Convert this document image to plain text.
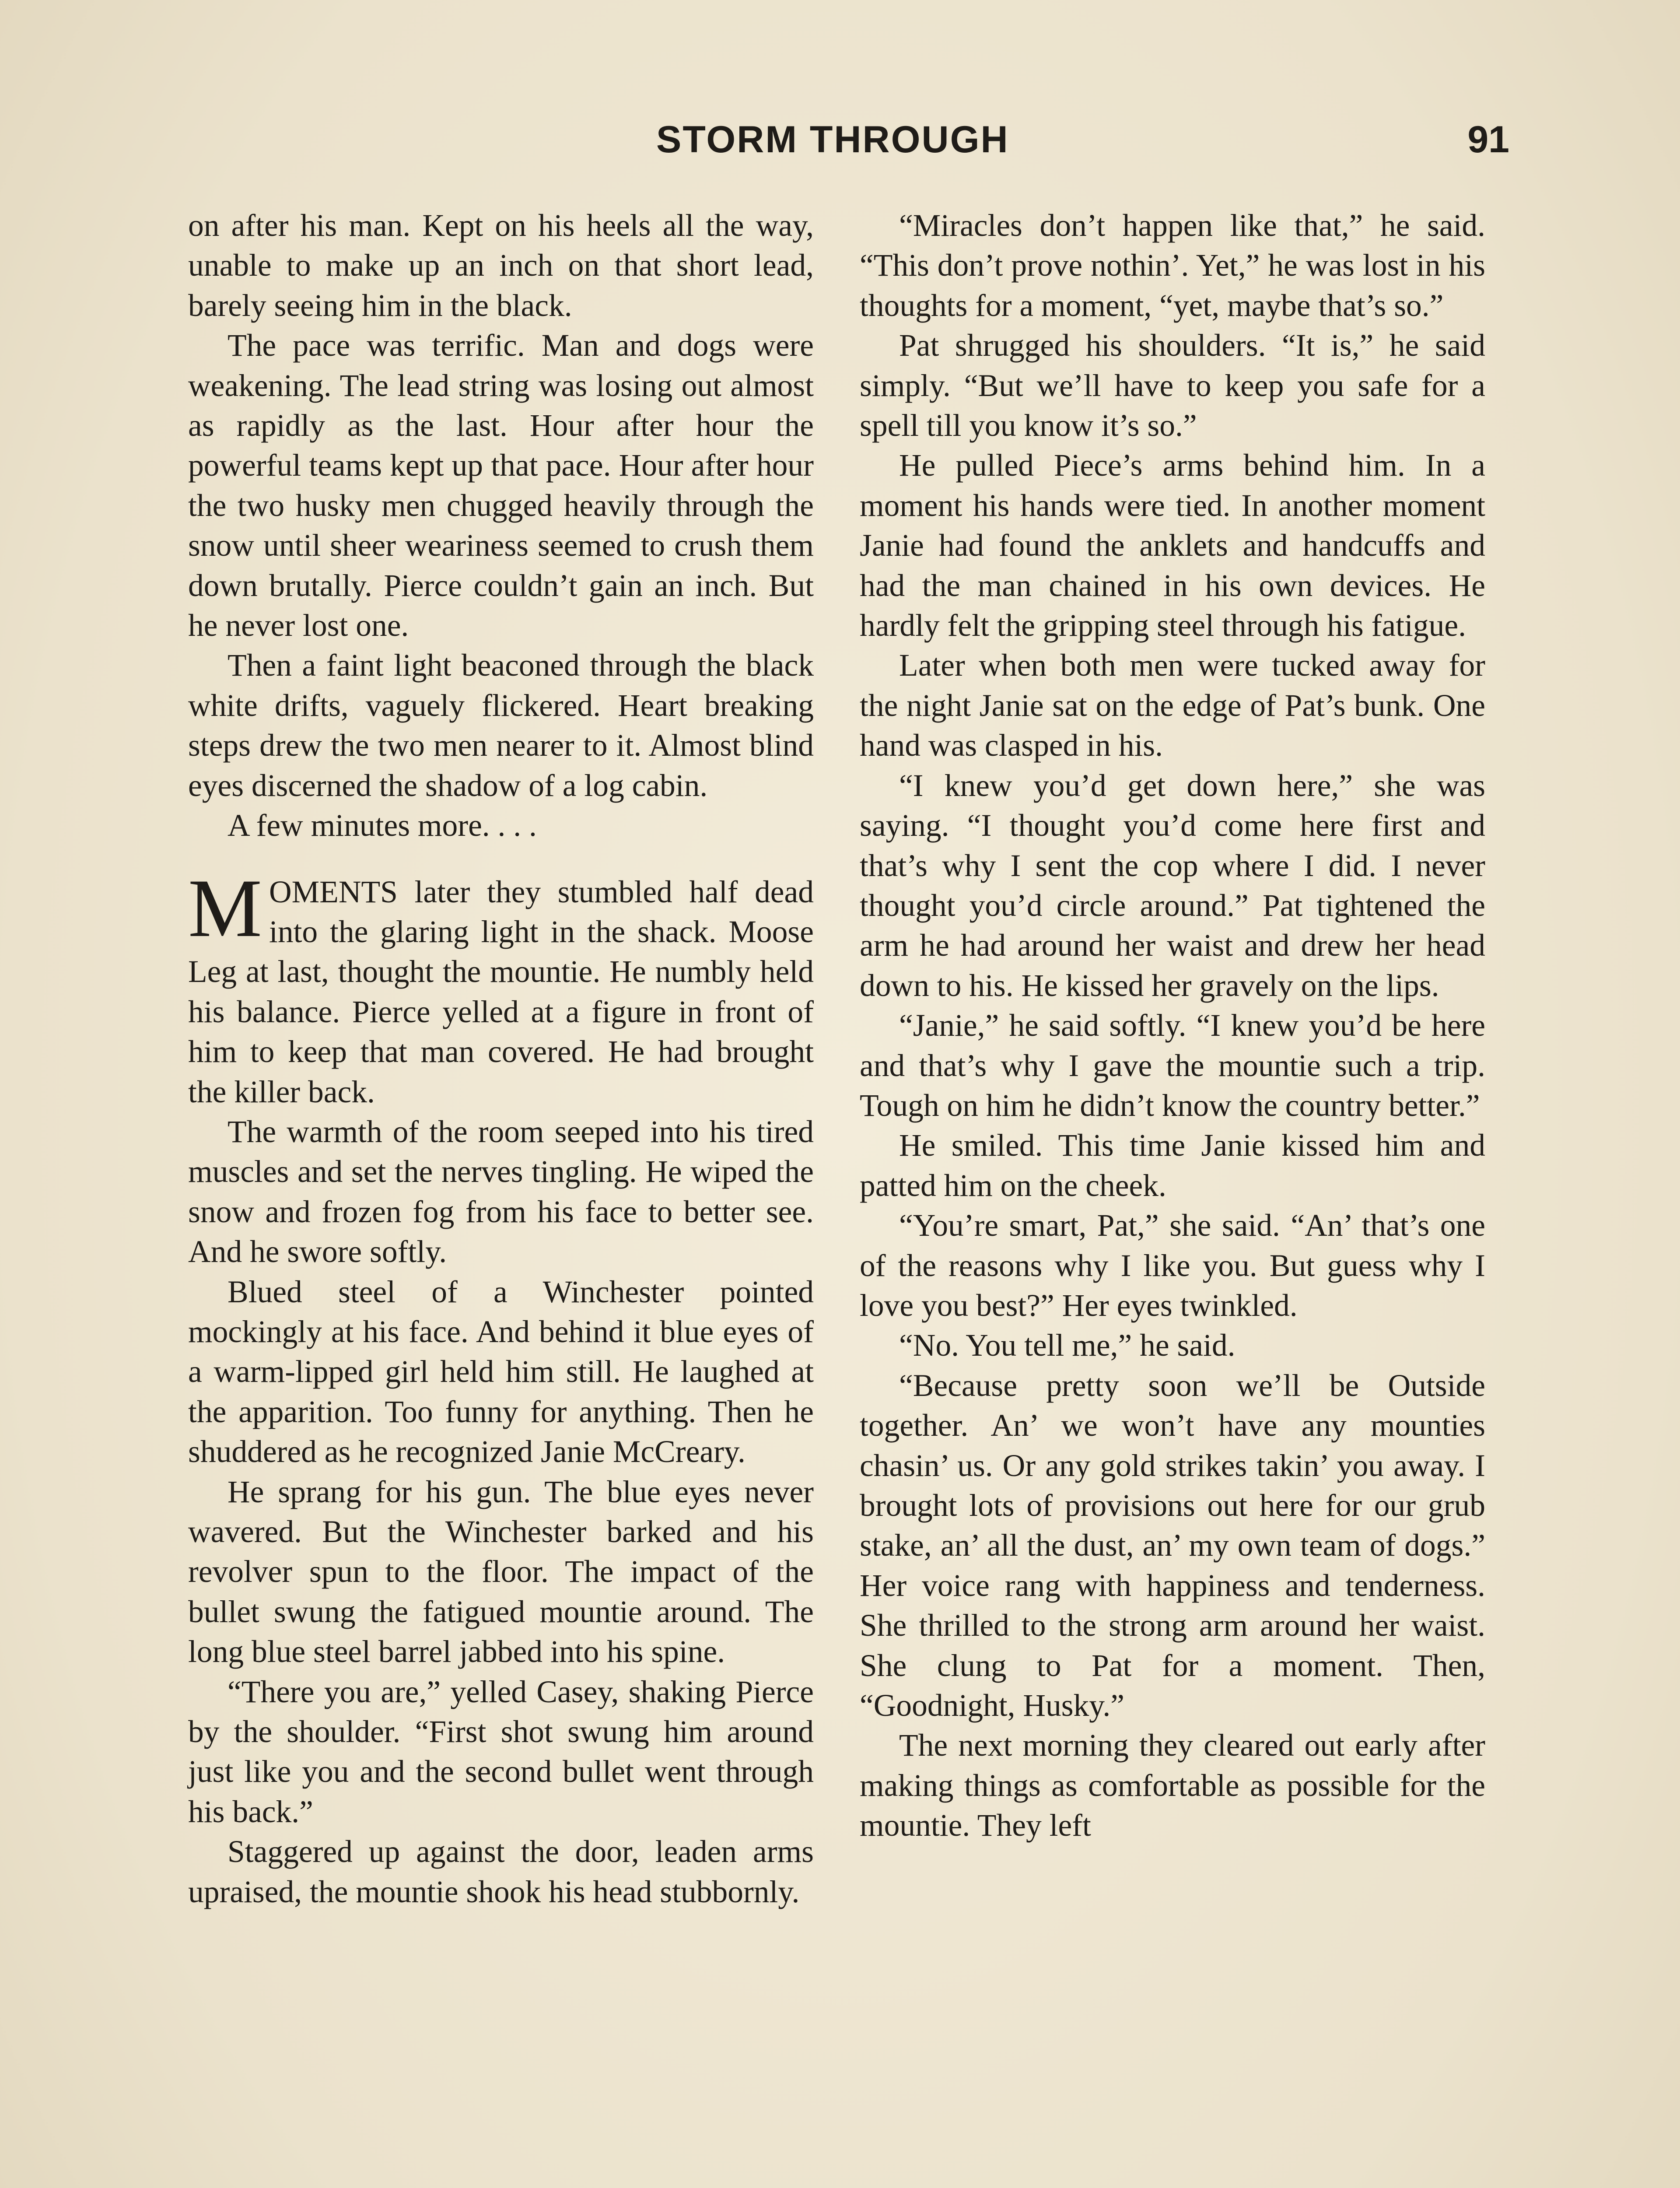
STORM THROUGH	91

on after his man. Kept on his heels all the way, unable to make up an inch on that short lead, barely seeing him in the black.

The pace was terrific. Man and dogs were weakening. The lead string was losing out almost as rapidly as the last. Hour after hour the powerful teams kept up that pace. Hour after hour the two husky men chugged heavily through the snow until sheer weariness seemed to crush them down brutally. Pierce couldn’t gain an inch. But he never lost one.

Then a faint light beaconed through the black white drifts, vaguely flickered. Heart breaking steps drew the two men nearer to it. Almost blind eyes discerned the shadow of a log cabin.

A few minutes more. . . .

MOMENTS later they stumbled half dead into the glaring light in the shack. Moose Leg at last, thought the mountie. He numbly held his balance. Pierce yelled at a figure in front of him to keep that man covered. He had brought the killer back.

The warmth of the room seeped into his tired muscles and set the nerves tingling. He wiped the snow and frozen fog from his face to better see. And he swore softly.

Blued steel of a Winchester pointed mockingly at his face. And behind it blue eyes of a warm-lipped girl held him still. He laughed at the apparition. Too funny for anything. Then he shuddered as he recognized Janie McCreary.

He sprang for his gun. The blue eyes never wavered. But the Winchester barked and his revolver spun to the floor. The impact of the bullet swung the fatigued mountie around. The long blue steel barrel jabbed into his spine.

“There you are,” yelled Casey, shaking Pierce by the shoulder. “First shot swung him around just like you and the second bullet went through his back.”

Staggered up against the door, leaden arms upraised, the mountie shook his head stubbornly.

“Miracles don’t happen like that,” he said. “This don’t prove nothin’. Yet,” he was lost in his thoughts for a moment, “yet, maybe that’s so.”

Pat shrugged his shoulders. “It is,” he said simply. “But we’ll have to keep you safe for a spell till you know it’s so.”

He pulled Piece’s arms behind him. In a moment his hands were tied. In another moment Janie had found the anklets and handcuffs and had the man chained in his own devices. He hardly felt the gripping steel through his fatigue.

Later when both men were tucked away for the night Janie sat on the edge of Pat’s bunk. One hand was clasped in his.

“I knew you’d get down here,” she was saying. “I thought you’d come here first and that’s why I sent the cop where I did. I never thought you’d circle around.” Pat tightened the arm he had around her waist and drew her head down to his. He kissed her gravely on the lips.

“Janie,” he said softly. “I knew you’d be here and that’s why I gave the mountie such a trip. Tough on him he didn’t know the country better.”

He smiled. This time Janie kissed him and patted him on the cheek.

“You’re smart, Pat,” she said. “An’ that’s one of the reasons why I like you. But guess why I love you best?” Her eyes twinkled.

“No. You tell me,” he said.

“Because pretty soon we’ll be Outside together. An’ we won’t have any mounties chasin’ us. Or any gold strikes takin’ you away. I brought lots of provisions out here for our grub stake, an’ all the dust, an’ my own team of dogs.” Her voice rang with happiness and tenderness. She thrilled to the strong arm around her waist. She clung to Pat for a moment. Then, “Goodnight, Husky.”

The next morning they cleared out early after making things as comfortable as possible for the mountie. They left
